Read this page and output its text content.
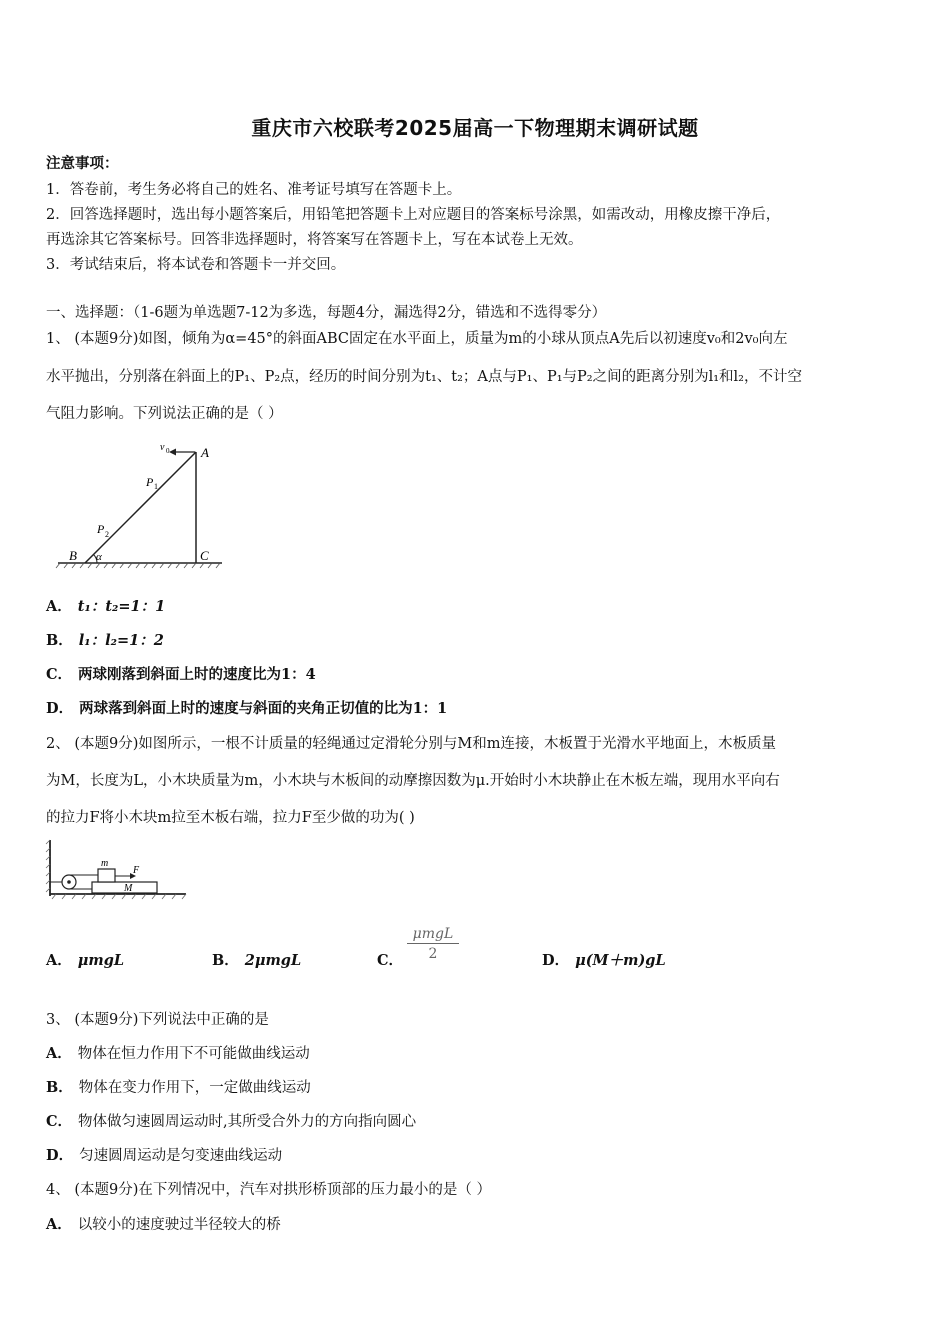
重庆市六校联考2025届高一下物理期末调研试题
注意事项：
1．答卷前，考生务必将自己的姓名、准考证号填写在答题卡上。
2．回答选择题时，选出每小题答案后，用铅笔把答题卡上对应题目的答案标号涂黑，如需改动，用橡皮擦干净后，
再选涂其它答案标号。回答非选择题时，将答案写在答题卡上，写在本试卷上无效。
3．考试结束后，将本试卷和答题卡一并交回。
一、选择题：（1-6题为单选题7-12为多选，每题4分，漏选得2分，错选和不选得零分）
1、 (本题9分)如图，倾角为α=45°的斜面ABC固定在水平面上，质量为m的小球从顶点A先后以初速度v₀和2v₀向左
水平抛出，分别落在斜面上的P₁、P₂点，经历的时间分别为t₁、t₂；A点与P₁、P₁与P₂之间的距离分别为l₁和l₂，不计空
气阻力影响。下列说法正确的是（ ）
v 0 A
P 1
P 2
B α	C
A． t₁：t₂=1：1
B． l₁：l₂=1：2
C． 两球刚落到斜面上时的速度比为1：4
D． 两球落到斜面上时的速度与斜面的夹角正切值的比为1：1
2、 (本题9分)如图所示，一根不计质量的轻绳通过定滑轮分别与M和m连接，木板置于光滑水平地面上，木板质量
为M，长度为L，小木块质量为m，小木块与木板间的动摩擦因数为μ.开始时小木块静止在木板左端，现用水平向右
的拉力F将小木块m拉至木板右端，拉力F至少做的功为( )
m
F
M
A． μmgL	B． 2μmgL	C．
μmgL
2	D． μ(M＋m)gL
3、 (本题9分)下列说法中正确的是
A． 物体在恒力作用下不可能做曲线运动
B． 物体在变力作用下，一定做曲线运动
C． 物体做匀速圆周运动时,其所受合外力的方向指向圆心
D． 匀速圆周运动是匀变速曲线运动
4、 (本题9分)在下列情况中，汽车对拱形桥顶部的压力最小的是（ ）
A． 以较小的速度驶过半径较大的桥
